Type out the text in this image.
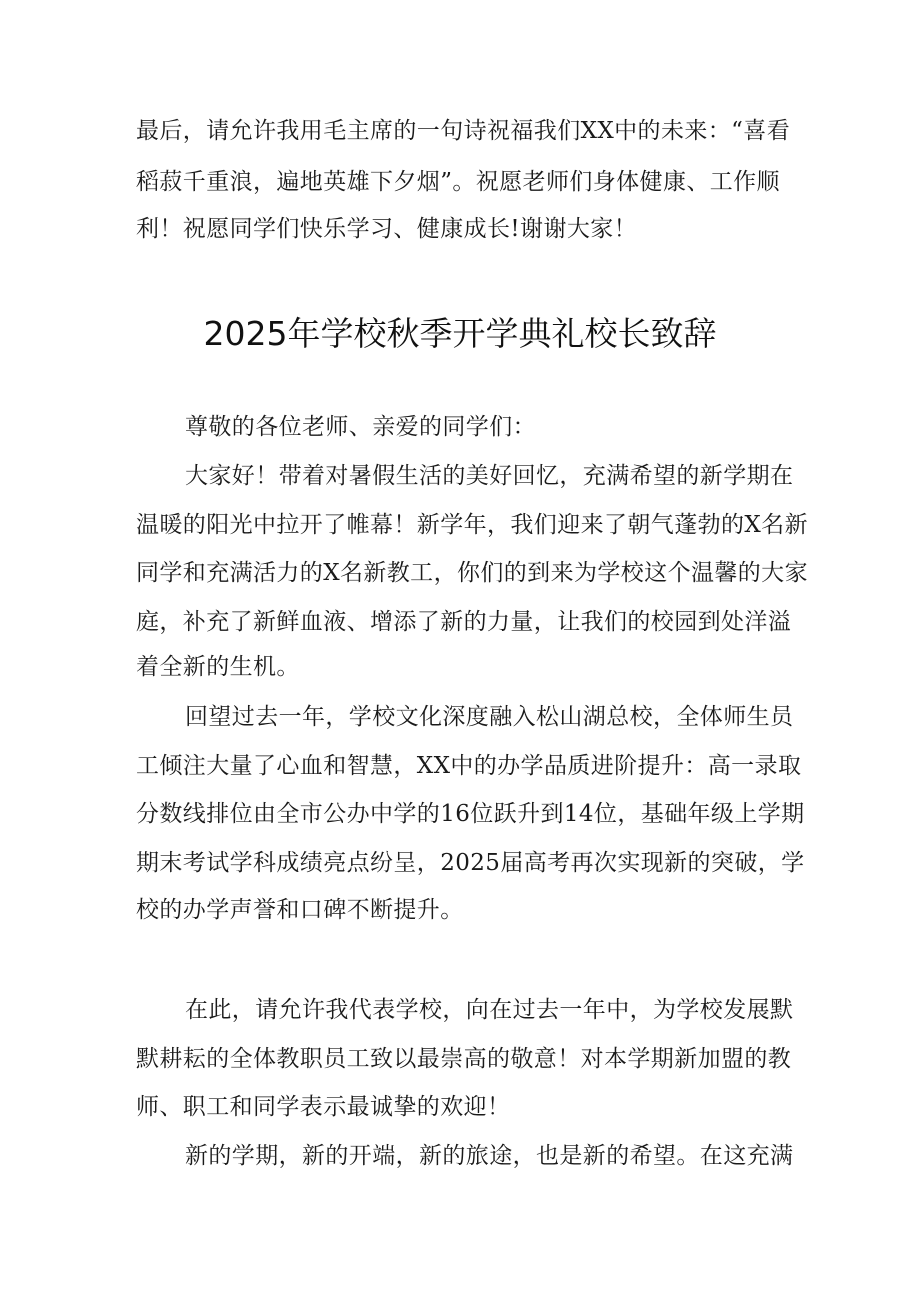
最后，请允许我用毛主席的一句诗祝福我们XX中的未来：“喜看
稻菽千重浪，遍地英雄下夕烟”。祝愿老师们身体健康、工作顺
利！祝愿同学们快乐学习、健康成长!谢谢大家！
2025年学校秋季开学典礼校长致辞
尊敬的各位老师、亲爱的同学们：
大家好！带着对暑假生活的美好回忆，充满希望的新学期在
温暖的阳光中拉开了帷幕！新学年，我们迎来了朝气蓬勃的X名新
同学和充满活力的X名新教工，你们的到来为学校这个温馨的大家
庭，补充了新鲜血液、增添了新的力量，让我们的校园到处洋溢
着全新的生机。
回望过去一年，学校文化深度融入松山湖总校，全体师生员
工倾注大量了心血和智慧，XX中的办学品质进阶提升：高一录取
分数线排位由全市公办中学的16位跃升到14位，基础年级上学期
期末考试学科成绩亮点纷呈，2025届高考再次实现新的突破，学
校的办学声誉和口碑不断提升。
在此，请允许我代表学校，向在过去一年中，为学校发展默
默耕耘的全体教职员工致以最崇高的敬意！对本学期新加盟的教
师、职工和同学表示最诚挚的欢迎！
新的学期，新的开端，新的旅途，也是新的希望。在这充满
